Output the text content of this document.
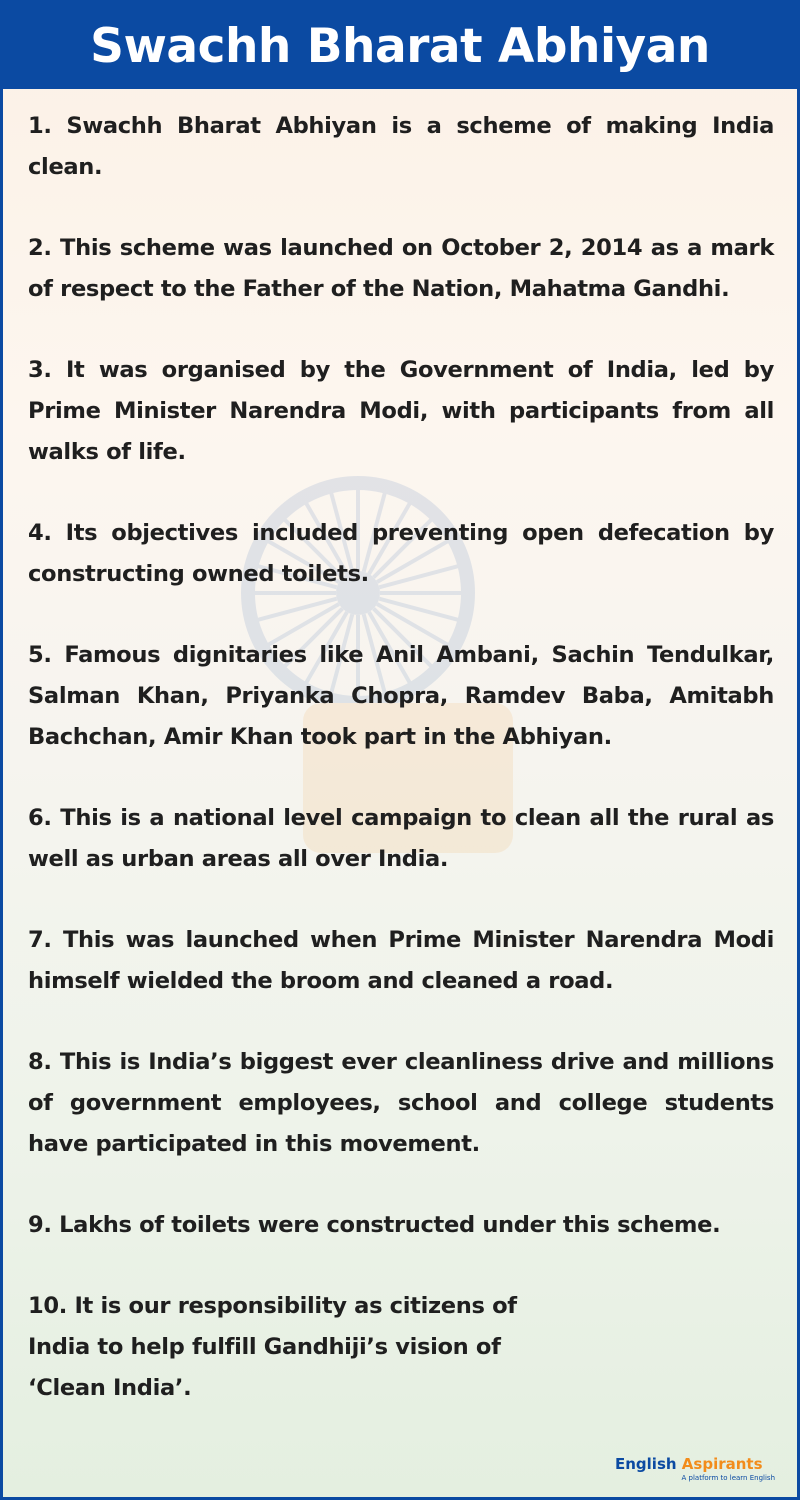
Swachh Bharat Abhiyan

1. Swachh Bharat Abhiyan is a scheme of making India clean.

2. This scheme was launched on October 2, 2014 as a mark of respect to the Father of the Nation, Mahatma Gandhi.

3. It was organised by the Government of India, led by Prime Minister Narendra Modi, with participants from all walks of life.

4. Its objectives included preventing open defecation by constructing owned toilets.

5. Famous dignitaries like Anil Ambani, Sachin Tendulkar, Salman Khan, Priyanka Chopra, Ramdev Baba, Amitabh Bachchan, Amir Khan took part in the Abhiyan.

6. This is a national level campaign to clean all the rural as well as urban areas all over India.

7. This was launched when Prime Minister Narendra Modi himself wielded the broom and cleaned a road.

8. This is India’s biggest ever cleanliness drive and millions of government employees, school and college students have participated in this movement.

9. Lakhs of toilets were constructed under this scheme.

10. It is our responsibility as citizens of India to help fulfill Gandhiji’s vision of ‘Clean India’.

English Aspirants
A platform to learn English
